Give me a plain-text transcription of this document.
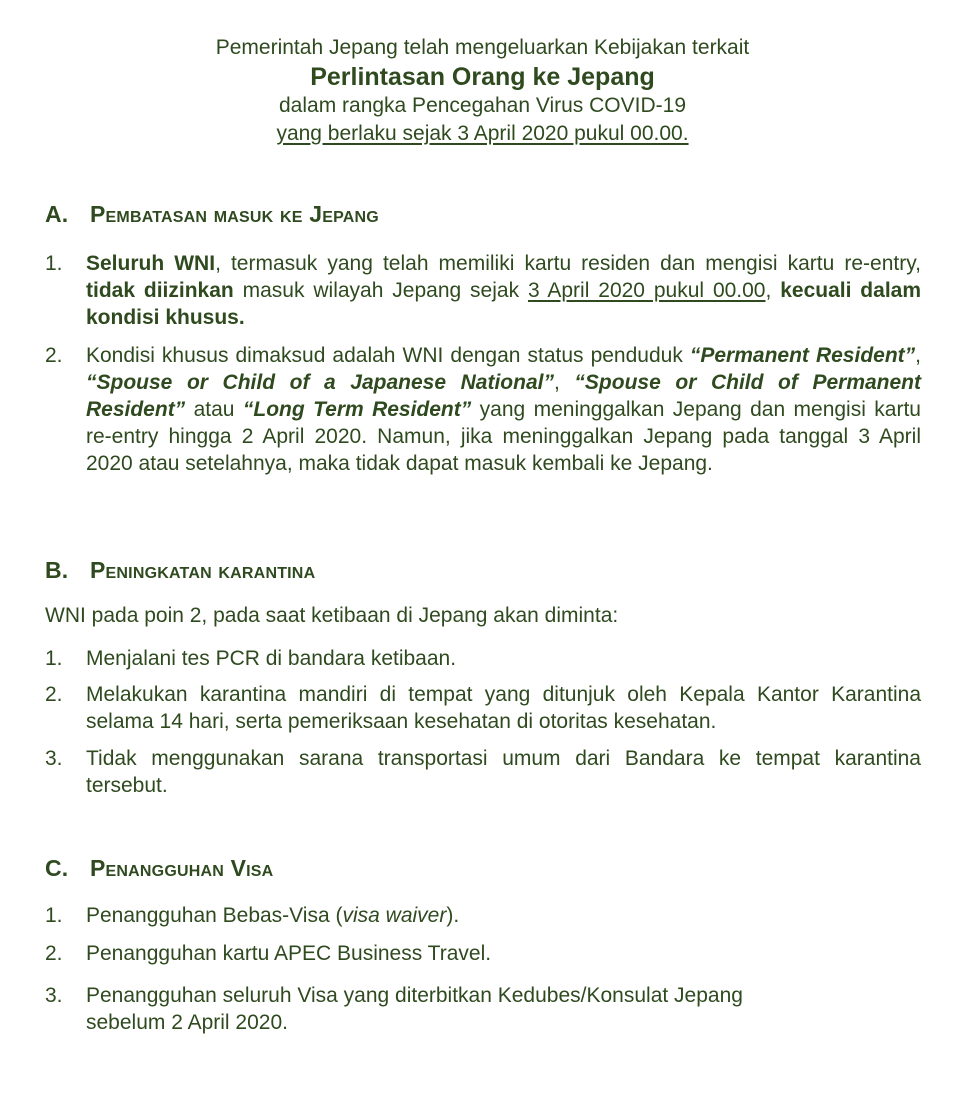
Pemerintah Jepang telah mengeluarkan Kebijakan terkait
Perlintasan Orang ke Jepang
dalam rangka Pencegahan Virus COVID-19
yang berlaku sejak 3 April 2020 pukul 00.00.
A. Pembatasan masuk ke Jepang
1.	Seluruh WNI, termasuk yang telah memiliki kartu residen dan mengisi kartu re-entry, tidak diizinkan masuk wilayah Jepang sejak 3 April 2020 pukul 00.00, kecuali dalam kondisi khusus.
2.	Kondisi khusus dimaksud adalah WNI dengan status penduduk “Permanent Resident”, “Spouse or Child of a Japanese National”, “Spouse or Child of Permanent Resident” atau “Long Term Resident” yang meninggalkan Jepang dan mengisi kartu re-entry hingga 2 April 2020. Namun, jika meninggalkan Jepang pada tanggal 3 April 2020 atau setelahnya, maka tidak dapat masuk kembali ke Jepang.
B. Peningkatan karantina
WNI pada poin 2, pada saat ketibaan di Jepang akan diminta:
1.	Menjalani tes PCR di bandara ketibaan.
2.	Melakukan karantina mandiri di tempat yang ditunjuk oleh Kepala Kantor Karantina selama 14 hari, serta pemeriksaan kesehatan di otoritas kesehatan.
3.	Tidak menggunakan sarana transportasi umum dari Bandara ke tempat karantina tersebut.
C. Penangguhan Visa
1.	Penangguhan Bebas-Visa (visa waiver).
2.	Penangguhan kartu APEC Business Travel.
3.	Penangguhan seluruh Visa yang diterbitkan Kedubes/Konsulat Jepang sebelum 2 April 2020.
